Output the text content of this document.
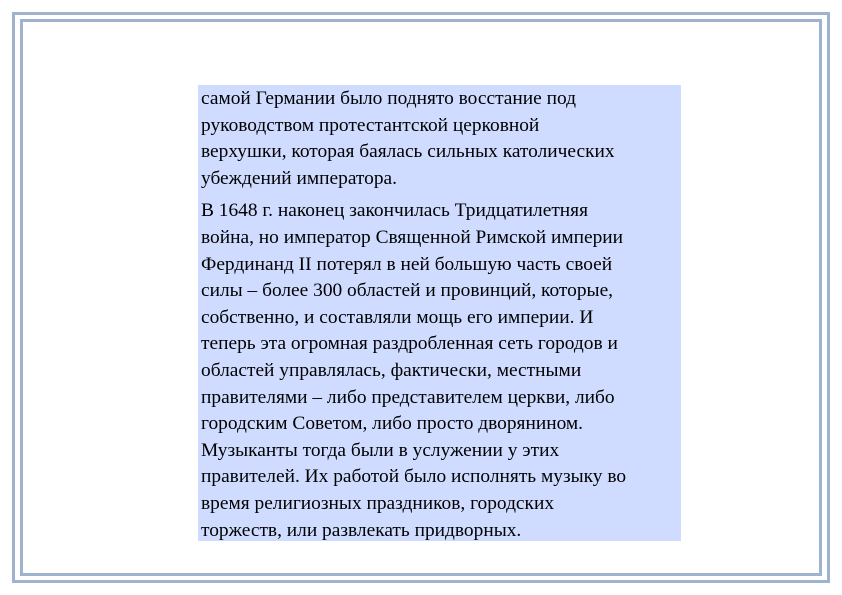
самой Германии было поднято восстание под
руководством протестантской церковной
верхушки, которая баялась сильных католических
убеждений императора.

В 1648 г. наконец закончилась Тридцатилетняя
война, но император Священной Римской империи
Фердинанд II потерял в ней большую часть своей
силы – более 300 областей и провинций, которые,
собственно, и составляли мощь его империи. И
теперь эта огромная раздробленная сеть городов и
областей управлялась, фактически, местными
правителями – либо представителем церкви, либо
городским Советом, либо просто дворянином.
Музыканты тогда были в услужении у этих
правителей. Их работой было исполнять музыку во
время религиозных праздников, городских
торжеств, или развлекать придворных.
